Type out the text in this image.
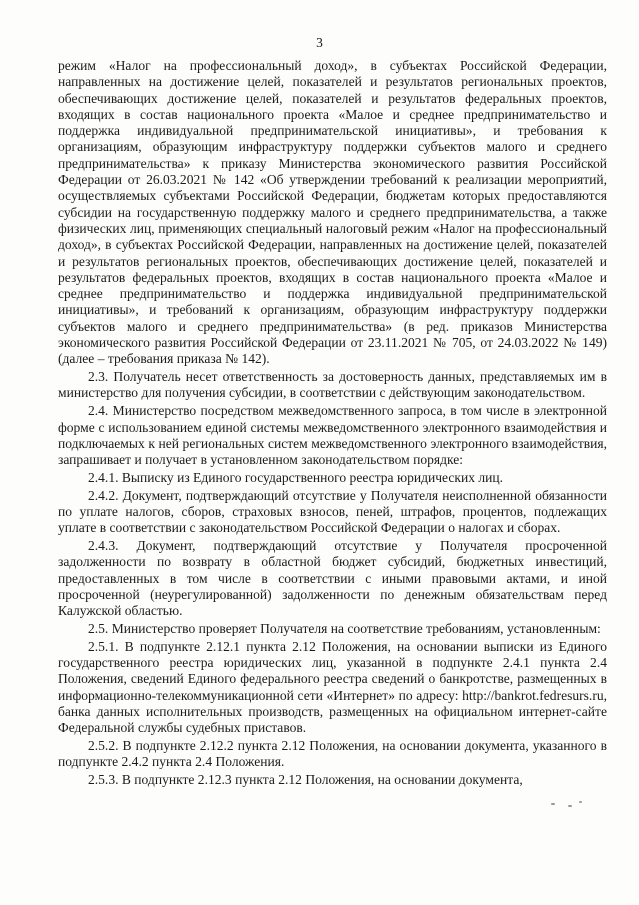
3

режим «Налог на профессиональный доход», в субъектах Российской Федерации, направленных на достижение целей, показателей и результатов региональных проектов, обеспечивающих достижение целей, показателей и результатов федеральных проектов, входящих в состав национального проекта «Малое и среднее предпринимательство и поддержка индивидуальной предпринимательской инициативы», и требования к организациям, образующим инфраструктуру поддержки субъектов малого и среднего предпринимательства» к приказу Министерства экономического развития Российской Федерации от 26.03.2021 № 142 «Об утверждении требований к реализации мероприятий, осуществляемых субъектами Российской Федерации, бюджетам которых предоставляются субсидии на государственную поддержку малого и среднего предпринимательства, а также физических лиц, применяющих специальный налоговый режим «Налог на профессиональный доход», в субъектах Российской Федерации, направленных на достижение целей, показателей и результатов региональных проектов, обеспечивающих достижение целей, показателей и результатов федеральных проектов, входящих в состав национального проекта «Малое и среднее предпринимательство и поддержка индивидуальной предпринимательской инициативы», и требований к организациям, образующим инфраструктуру поддержки субъектов малого и среднего предпринимательства» (в ред. приказов Министерства экономического развития Российской Федерации от 23.11.2021 № 705, от 24.03.2022 № 149) (далее – требования приказа № 142).

2.3. Получатель несет ответственность за достоверность данных, представляемых им в министерство для получения субсидии, в соответствии с действующим законодательством.

2.4. Министерство посредством межведомственного запроса, в том числе в электронной форме с использованием единой системы межведомственного электронного взаимодействия и подключаемых к ней региональных систем межведомственного электронного взаимодействия, запрашивает и получает в установленном законодательством порядке:

2.4.1. Выписку из Единого государственного реестра юридических лиц.

2.4.2. Документ, подтверждающий отсутствие у Получателя неисполненной обязанности по уплате налогов, сборов, страховых взносов, пеней, штрафов, процентов, подлежащих уплате в соответствии с законодательством Российской Федерации о налогах и сборах.

2.4.3. Документ, подтверждающий отсутствие у Получателя просроченной задолженности по возврату в областной бюджет субсидий, бюджетных инвестиций, предоставленных в том числе в соответствии с иными правовыми актами, и иной просроченной (неурегулированной) задолженности по денежным обязательствам перед Калужской областью.

2.5. Министерство проверяет Получателя на соответствие требованиям, установленным:

2.5.1. В подпункте 2.12.1 пункта 2.12 Положения, на основании выписки из Единого государственного реестра юридических лиц, указанной в подпункте 2.4.1 пункта 2.4 Положения, сведений Единого федерального реестра сведений о банкротстве, размещенных в информационно-телекоммуникационной сети «Интернет» по адресу: http://bankrot.fedresurs.ru, банка данных исполнительных производств, размещенных на официальном интернет-сайте Федеральной службы судебных приставов.

2.5.2. В подпункте 2.12.2 пункта 2.12 Положения, на основании документа, указанного в подпункте 2.4.2 пункта 2.4 Положения.

2.5.3. В подпункте 2.12.3 пункта 2.12 Положения, на основании документа,
